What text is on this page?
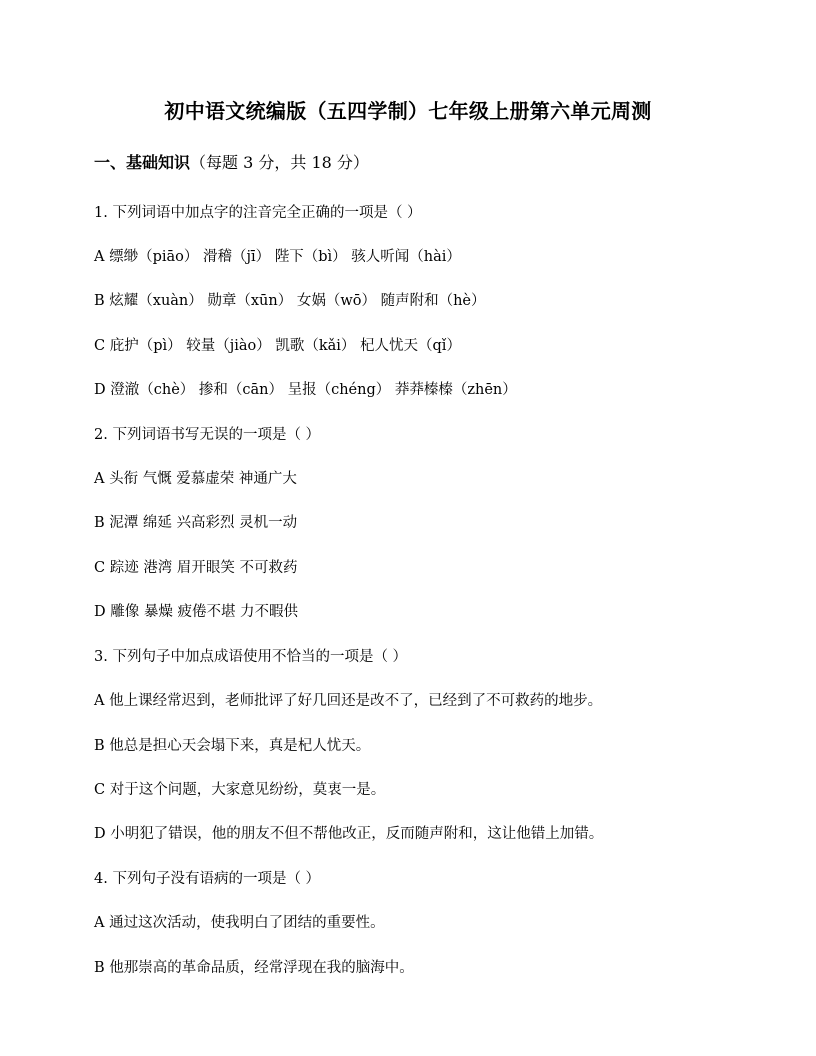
初中语文统编版（五四学制）七年级上册第六单元周测
一、基础知识（每题 3 分，共 18 分）
1. 下列词语中加点字的注音完全正确的一项是（ ）
A 缥缈（piāo） 滑稽（jī） 陛下（bì） 骇人听闻（hài）
B 炫耀（xuàn） 勋章（xūn） 女娲（wō） 随声附和（hè）
C 庇护（pì） 较量（jiào） 凯歌（kǎi） 杞人忧天（qǐ）
D 澄澈（chè） 掺和（cān） 呈报（chéng） 莽莽榛榛（zhēn）
2. 下列词语书写无误的一项是（ ）
A 头衔 气慨 爱慕虚荣 神通广大
B 泥潭 绵延 兴高彩烈 灵机一动
C 踪迹 港湾 眉开眼笑 不可救药
D 雕像 暴燥 疲倦不堪 力不暇供
3. 下列句子中加点成语使用不恰当的一项是（ ）
A 他上课经常迟到，老师批评了好几回还是改不了，已经到了不可救药的地步。
B 他总是担心天会塌下来，真是杞人忧天。
C 对于这个问题，大家意见纷纷，莫衷一是。
D 小明犯了错误，他的朋友不但不帮他改正，反而随声附和，这让他错上加错。
4. 下列句子没有语病的一项是（ ）
A 通过这次活动，使我明白了团结的重要性。
B 他那崇高的革命品质，经常浮现在我的脑海中。
